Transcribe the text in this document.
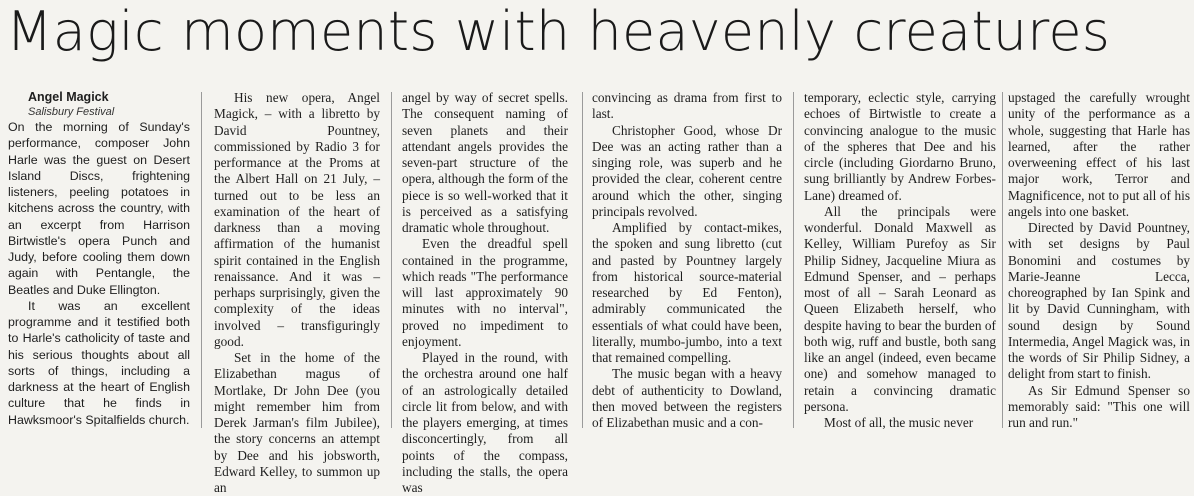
Magic moments with heavenly creatures

Angel Magick

Salisbury Festival

On the morning of Sunday's performance, composer John Harle was the guest on Desert Island Discs, frightening listeners, peeling potatoes in kitchens across the country, with an excerpt from Harrison Birtwistle's opera Punch and Judy, before cooling them down again with Pentangle, the Beatles and Duke Ellington.

It was an excellent programme and it testified both to Harle's catholicity of taste and his serious thoughts about all sorts of things, including a darkness at the heart of English culture that he finds in Hawksmoor's Spitalfields church.

His new opera, Angel Magick, – with a libretto by David Pountney, commissioned by Radio 3 for performance at the Proms at the Albert Hall on 21 July, – turned out to be less an examination of the heart of darkness than a moving affirmation of the humanist spirit contained in the English renaissance. And it was – perhaps surprisingly, given the complexity of the ideas involved – transfiguringly good.

Set in the home of the Elizabethan magus of Mortlake, Dr John Dee (you might remember him from Derek Jarman's film Jubilee), the story concerns an attempt by Dee and his jobsworth, Edward Kelley, to summon up an

angel by way of secret spells. The consequent naming of seven planets and their attendant angels provides the seven-part structure of the opera, although the form of the piece is so well-worked that it is perceived as a satisfying dramatic whole throughout.

Even the dreadful spell contained in the programme, which reads "The performance will last approximately 90 minutes with no interval", proved no impediment to enjoyment.

Played in the round, with the orchestra around one half of an astrologically detailed circle lit from below, and with the players emerging, at times disconcertingly, from all points of the compass, including the stalls, the opera was

convincing as drama from first to last.

Christopher Good, whose Dr Dee was an acting rather than a singing role, was superb and he provided the clear, coherent centre around which the other, singing principals revolved.

Amplified by contact-mikes, the spoken and sung libretto (cut and pasted by Pountney largely from historical source-material researched by Ed Fenton), admirably communicated the essentials of what could have been, literally, mumbo-jumbo, into a text that remained compelling.

The music began with a heavy debt of authenticity to Dowland, then moved between the registers of Elizabethan music and a con-

temporary, eclectic style, carrying echoes of Birtwistle to create a convincing analogue to the music of the spheres that Dee and his circle (including Giordarno Bruno, sung brilliantly by Andrew Forbes-Lane) dreamed of.

All the principals were wonderful. Donald Maxwell as Kelley, William Purefoy as Sir Philip Sidney, Jacqueline Miura as Edmund Spenser, and – perhaps most of all – Sarah Leonard as Queen Elizabeth herself, who despite having to bear the burden of both wig, ruff and bustle, both sang like an angel (indeed, even became one) and somehow managed to retain a convincing dramatic persona.

Most of all, the music never

upstaged the carefully wrought unity of the performance as a whole, suggesting that Harle has learned, after the rather overweening effect of his last major work, Terror and Magnificence, not to put all of his angels into one basket.

Directed by David Pountney, with set designs by Paul Bonomini and costumes by Marie-Jeanne Lecca, choreographed by Ian Spink and lit by David Cunningham, with sound design by Sound Intermedia, Angel Magick was, in the words of Sir Philip Sidney, a delight from start to finish.

As Sir Edmund Spenser so memorably said: "This one will run and run."
